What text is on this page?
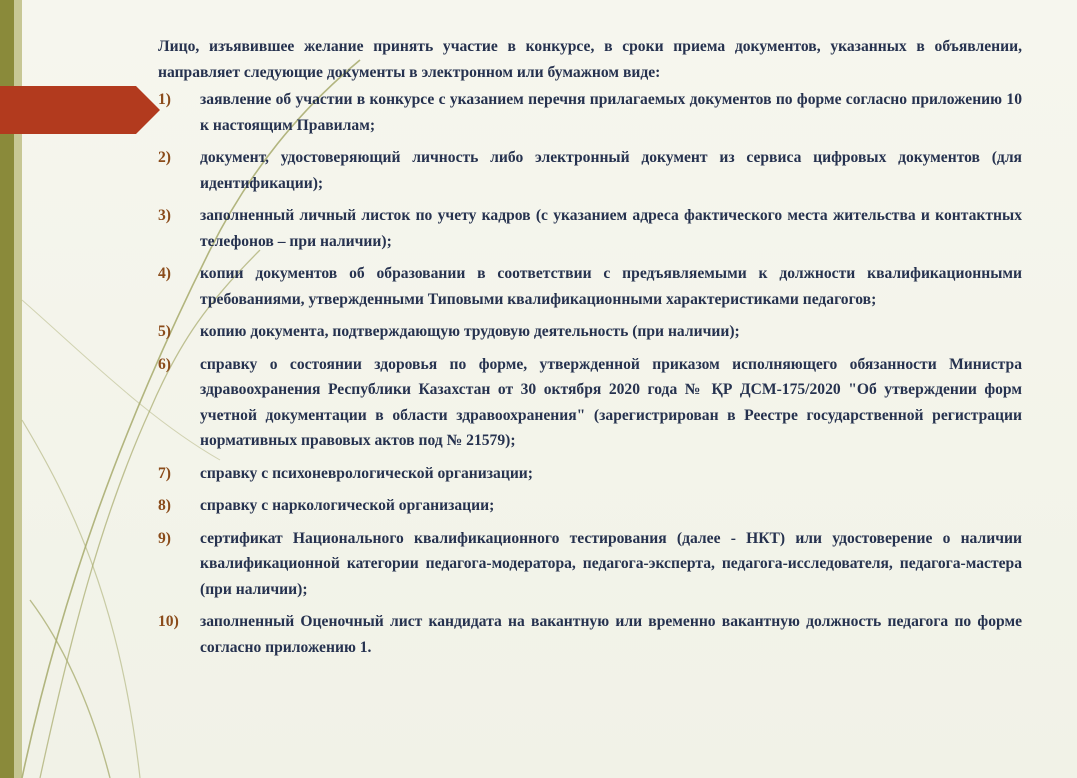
Лицо, изъявившее желание принять участие в конкурсе, в сроки приема документов, указанных в объявлении, направляет следующие документы в электронном или бумажном виде:

1)	заявление об участии в конкурсе с указанием перечня прилагаемых документов по форме согласно приложению 10 к настоящим Правилам;
2)	документ, удостоверяющий личность либо электронный документ из сервиса цифровых документов (для идентификации);
3)	заполненный личный листок по учету кадров (с указанием адреса фактического места жительства и контактных телефонов – при наличии);
4)	копии документов об образовании в соответствии с предъявляемыми к должности квалификационными требованиями, утвержденными Типовыми квалификационными характеристиками педагогов;
5)	копию документа, подтверждающую трудовую деятельность (при наличии);
6)	справку о состоянии здоровья по форме, утвержденной приказом исполняющего обязанности Министра здравоохранения Республики Казахстан от 30 октября 2020 года № ҚР ДСМ-175/2020 "Об утверждении форм учетной документации в области здравоохранения" (зарегистрирован в Реестре государственной регистрации нормативных правовых актов под № 21579);
7)	справку с психоневрологической организации;
8)	справку с наркологической организации;
9)	сертификат Национального квалификационного тестирования (далее - НКТ) или удостоверение о наличии квалификационной категории педагога-модератора, педагога-эксперта, педагога-исследователя, педагога-мастера (при наличии);
10)	заполненный Оценочный лист кандидата на вакантную или временно вакантную должность педагога по форме согласно приложению 1.
